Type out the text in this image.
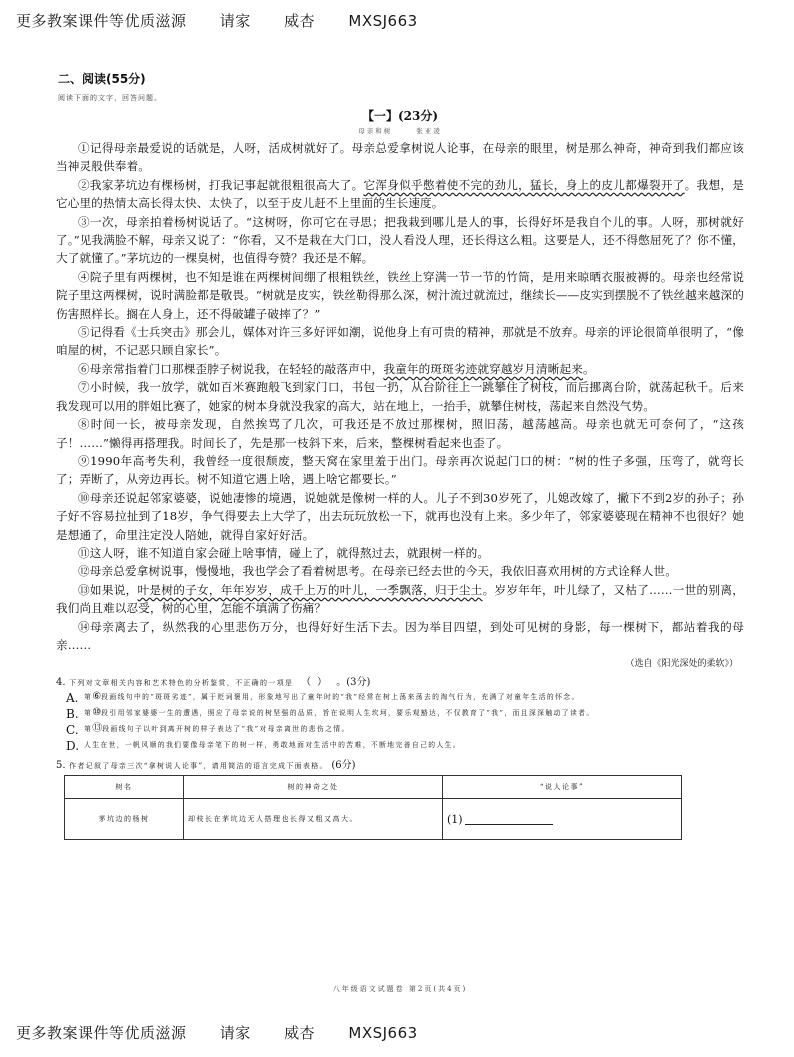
更多教案课件等优质滋源 请家 威杏 MXSJ663
二、阅读(55分)
阅读下面的文字，回答问题。
【一】(23分)
母亲和树	张亚凌

①记得母亲最爱说的话就是，人呀，活成树就好了。母亲总爱拿树说人论事，在母亲的眼里，树是那么神奇，神奇到我们都应该当神灵般供奉着。

②我家茅坑边有棵杨树，打我记事起就很粗很高大了。它浑身似乎憋着使不完的劲儿，猛长，身上的皮儿都爆裂开了。我想，是它心里的热情太高长得太快、太快了，以至于皮儿赶不上里面的生长速度。

③一次，母亲拍着杨树说话了。“这树呀，你可它在寻思；把我栽到哪儿是人的事，长得好坏是我自个儿的事。人呀，那树就好了。”见我满脸不解，母亲又说了：“你看，又不是栽在大门口，没人看没人理，还长得这么粗。这要是人，还不得憋屈死了？你不懂，大了就懂了。”茅坑边的一棵臭树，也值得夸赞？我还是不解。

④院子里有两棵树，也不知是谁在两棵树间绷了根粗铁丝，铁丝上穿满一节一节的竹筒，是用来晾晒衣服被褥的。母亲也经常说院子里这两棵树，说时满脸都是敬畏。“树就是皮实，铁丝勒得那么深，树汁流过就流过，继续长——皮实到摆脱不了铁丝越来越深的伤害照样长。搁在人身上，还不得破罐子破摔了？”

⑤记得看《士兵突击》那会儿，媒体对许三多好评如潮，说他身上有可贵的精神，那就是不放弃。母亲的评论很简单很明了，“像咱屋的树，不记恶只顾自家长”。

⑥母亲常指着门口那棵歪脖子树说我，在轻轻的敲落声中，我童年的斑斑劣迹就穿越岁月清晰起来。

⑦小时候，我一放学，就如百米赛跑般飞到家门口，书包一扔，从台阶往上一跳攀住了树枝，而后挪离台阶，就荡起秋千。后来我发现可以用的胖姐比赛了，她家的树本身就没我家的高大，站在地上，一抬手，就攀住树枝，荡起来自然没气势。

⑧时间一长，被母亲发现，自然挨骂了几次，可我还是不放过那棵树，照旧荡，越荡越高。母亲也就无可奈何了，“这孩子！……”懒得再搭理我。时间长了，先是那一枝斜下来，后来，整棵树看起来也歪了。

⑨1990年高考失利，我曾经一度很颓废，整天窝在家里羞于出门。母亲再次说起门口的树：“树的性子多强，压弯了，就弯长了；弄断了，从旁边再长。树不知道它遇上啥，遇上啥它都要长。”

⑩母亲还说起邻家婆婆，说她凄惨的境遇，说她就是像树一样的人。儿子不到30岁死了，儿媳改嫁了，撇下不到2岁的孙子；孙子好不容易拉扯到了18岁，争气得要去上大学了，出去玩玩放松一下，就再也没有上来。多少年了，邻家婆婆现在精神不也很好？她是想通了，命里注定没人陪她，就得自家好好活。

⑪这人呀，谁不知道自家会碰上啥事情，碰上了，就得熬过去，就跟树一样的。

⑫母亲总爱拿树说事，慢慢地，我也学会了看着树思考。在母亲已经去世的今天，我依旧喜欢用树的方式诠释人世。

⑬如果说，叶是树的子女，年年岁岁，成千上万的叶儿，一季飘落，归于尘土。岁岁年年，叶儿绿了，又枯了……一世的别离，我们尚且难以忍受，树的心里，怎能不填满了伤痛？

⑭母亲离去了，纵然我的心里悲伤万分，也得好好生活下去。因为举目四望，到处可见树的身影，每一棵树下，都站着我的母亲……

（选自《阳光深处的柔软》）
4. 下列对文章相关内容和艺术特色的分析鉴赏，不正确的一项是 （ ） 。(3分)
A. 第⑥段画线句中的“斑斑劣迹”，属于贬词褒用，形象地写出了童年时的“我”经常在树上荡来荡去的淘气行为，充满了对童年生活的怀念。
B. 第⑩段引用邻家婆婆一生的遭遇，照应了母亲说的树坚强的品质，旨在说明人生坎坷，要乐观豁达，不仅教育了“我”，而且深深触动了读者。
C. 第⑬段画线句子以叶到离开树的样子表达了“我”对母亲离世的悲伤之情。
D. 人生在世，一帆风顺的我们要像母亲笔下的树一样，勇敢地面对生活中的苦难，不断地完善自己的人生。
5. 作者记叙了母亲三次“拿树说人论事”，请用简洁的语言完成下面表格。 (6分)
树名	树的神奇之处	“说人论事”
茅坑边的杨树	却枝长在茅坑边无人搭理也长得又粗又高大。	(1)
八年级语文试题卷 第2页(共4页)
更多教案课件等优质滋源 请家 威杏 MXSJ663
